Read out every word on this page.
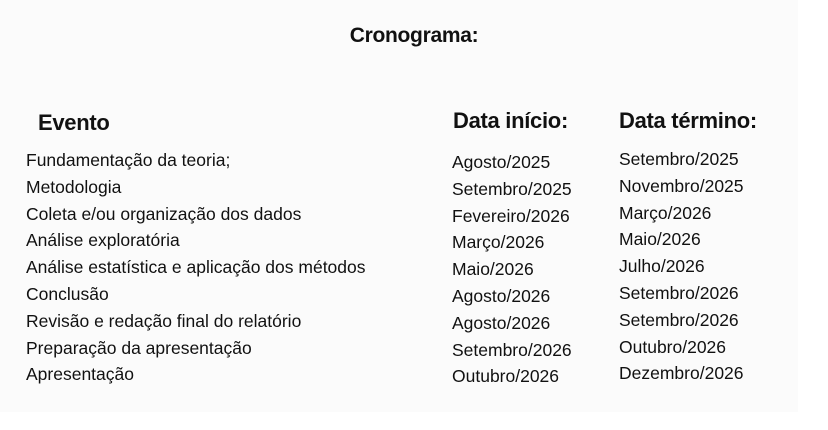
Cronograma:
Evento	Data início: Data término:
Fundamentação da teoria;	Agosto/2025	Setembro/2025
Metodologia	Setembro/2025	Novembro/2025
Coleta e/ou organização dos dados	Fevereiro/2026	Março/2026
Análise exploratória	Março/2026	Maio/2026
Análise estatística e aplicação dos métodos	Maio/2026	Julho/2026
Conclusão	Agosto/2026	Setembro/2026
Revisão e redação final do relatório	Agosto/2026	Setembro/2026
Preparação da apresentação	Setembro/2026	Outubro/2026
Apresentação	Outubro/2026	Dezembro/2026
